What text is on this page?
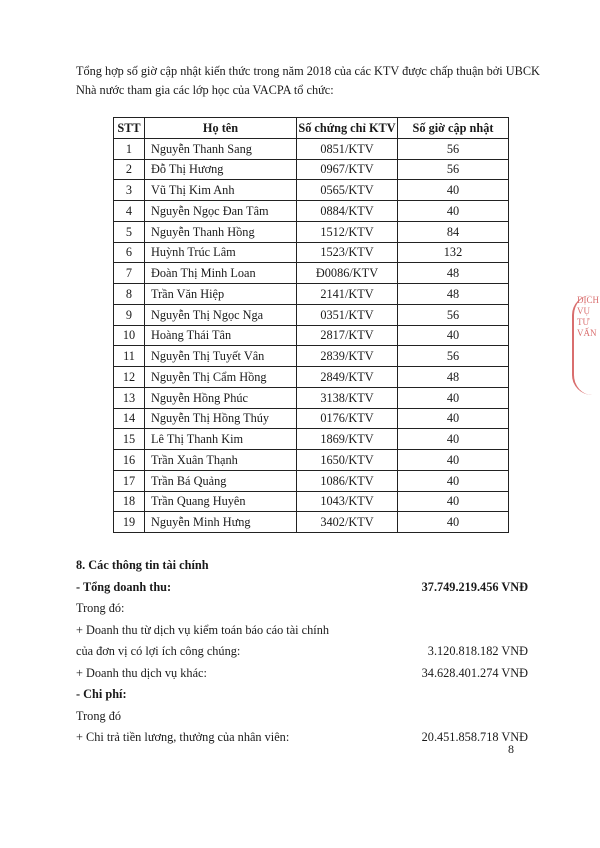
Tổng hợp số giờ cập nhật kiến thức trong năm 2018 của các KTV được chấp thuận bởi UBCK
Nhà nước tham gia các lớp học của VACPA tổ chức:
STT	Họ tên	Số chứng chỉ KTV	Số giờ cập nhật
1	Nguyễn Thanh Sang	0851/KTV	56
2	Đỗ Thị Hương	0967/KTV	56
3	Vũ Thị Kim Anh	0565/KTV	40
4	Nguyễn Ngọc Đan Tâm	0884/KTV	40
5	Nguyễn Thanh Hồng	1512/KTV	84
6	Huỳnh Trúc Lâm	1523/KTV	132
7	Đoàn Thị Minh Loan	Đ0086/KTV	48
8	Trần Văn Hiệp	2141/KTV	48
9	Nguyễn Thị Ngọc Nga	0351/KTV	56
10	Hoàng Thái Tân	2817/KTV	40
11	Nguyễn Thị Tuyết Vân	2839/KTV	56
12	Nguyễn Thị Cẩm Hồng	2849/KTV	48
13	Nguyễn Hồng Phúc	3138/KTV	40
14	Nguyễn Thị Hồng Thúy	0176/KTV	40
15	Lê Thị Thanh Kim	1869/KTV	40
16	Trần Xuân Thạnh	1650/KTV	40
17	Trần Bá Quảng	1086/KTV	40
18	Trần Quang Huyên	1043/KTV	40
19	Nguyễn Minh Hưng	3402/KTV	40
8. Các thông tin tài chính
- Tổng doanh thu:	37.749.219.456 VNĐ
Trong đó:
+ Doanh thu từ dịch vụ kiểm toán báo cáo tài chính
của đơn vị có lợi ích công chúng:	3.120.818.182 VNĐ
+ Doanh thu dịch vụ khác:	34.628.401.274 VNĐ
- Chi phí:
Trong đó
+ Chi trả tiền lương, thưởng của nhân viên:	20.451.858.718 VNĐ
8
DỊCH VỤ TƯ VẤN
